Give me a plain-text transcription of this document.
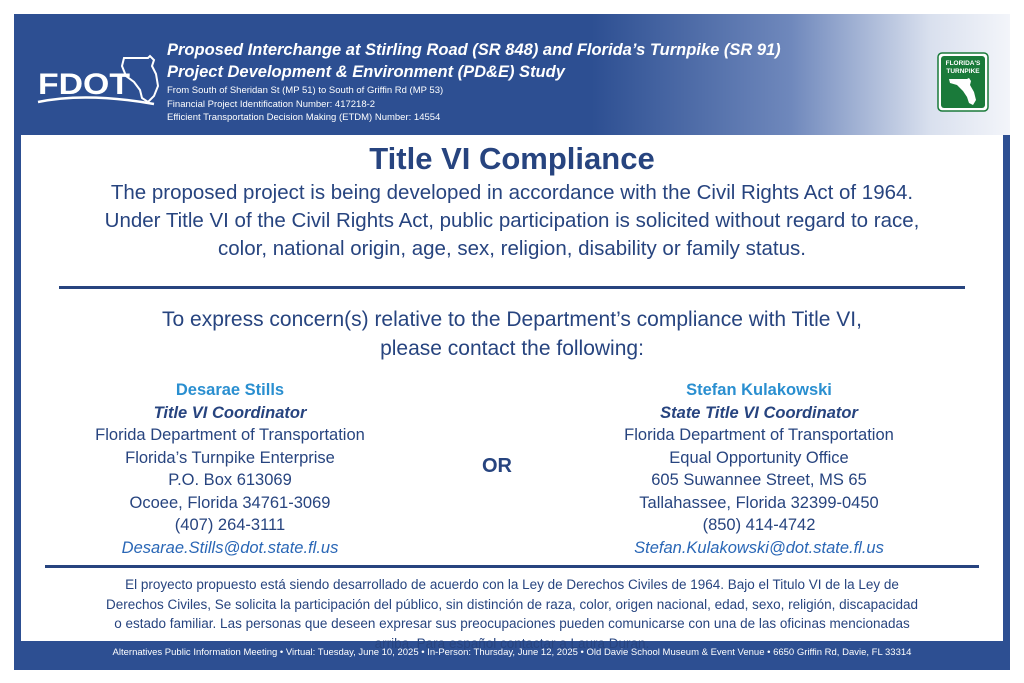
FDOT

Proposed Interchange at Stirling Road (SR 848) and Florida’s Turnpike (SR 91)
Project Development & Environment (PD&E) Study

From South of Sheridan St (MP 51) to South of Griffin Rd (MP 53)
Financial Project Identification Number: 417218-2
Efficient Transportation Decision Making (ETDM) Number: 14554

FLORIDA'S
TURNPIKE
Title VI Compliance
The proposed project is being developed in accordance with the Civil Rights Act of 1964.
Under Title VI of the Civil Rights Act, public participation is solicited without regard to race,
color, national origin, age, sex, religion, disability or family status.
To express concern(s) relative to the Department’s compliance with Title VI,
please contact the following:
Desarae Stills
Title VI Coordinator
Florida Department of Transportation
Florida’s Turnpike Enterprise
P.O. Box 613069
Ocoee, Florida 34761-3069
(407) 264-3111
Desarae.Stills@dot.state.fl.us
OR
Stefan Kulakowski
State Title VI Coordinator
Florida Department of Transportation
Equal Opportunity Office
605 Suwannee Street, MS 65
Tallahassee, Florida 32399-0450
(850) 414-4742
Stefan.Kulakowski@dot.state.fl.us
El proyecto propuesto está siendo desarrollado de acuerdo con la Ley de Derechos Civiles de 1964. Bajo el Titulo VI de la Ley de
Derechos Civiles, Se solicita la participación del público, sin distinción de raza, color, origen nacional, edad, sexo, religión, discapacidad
o estado familiar. Las personas que deseen expresar sus preocupaciones pueden comunicarse con una de las oficinas mencionadas
arriba. Para español contactar a Laura Duran.
Alternatives Public Information Meeting • Virtual: Tuesday, June 10, 2025 • In-Person: Thursday, June 12, 2025 • Old Davie School Museum & Event Venue • 6650 Griffin Rd, Davie, FL 33314
